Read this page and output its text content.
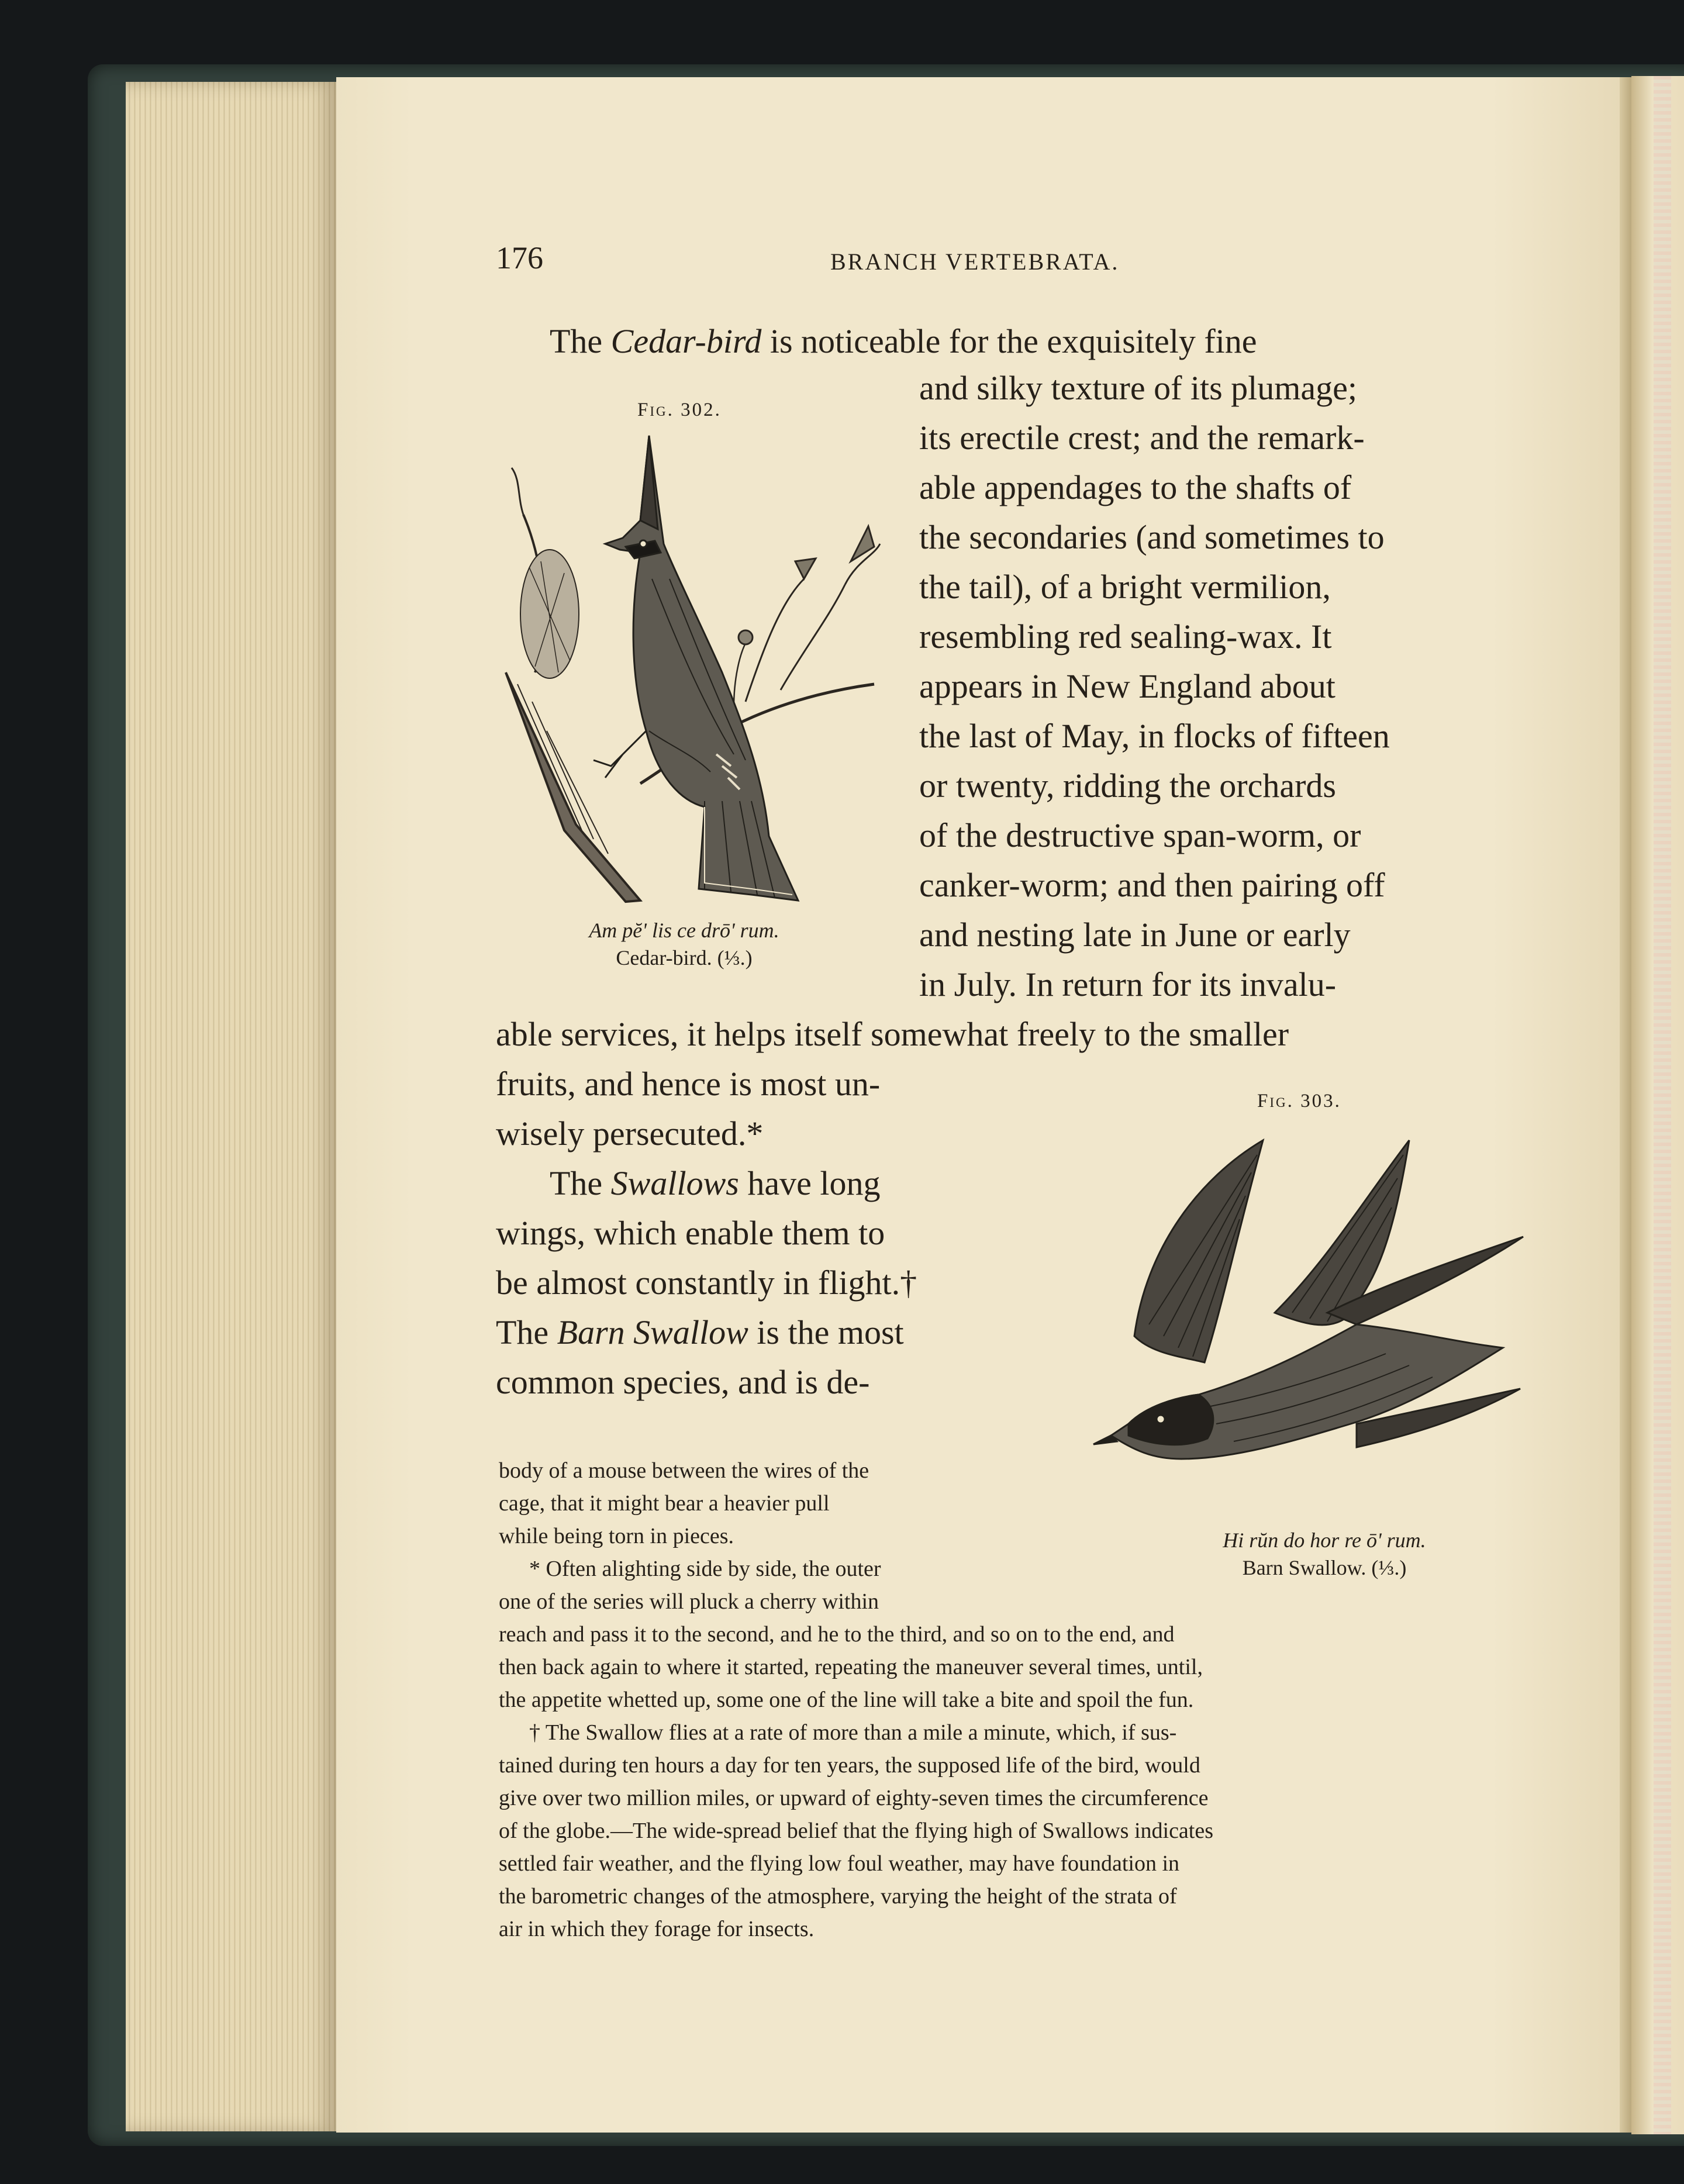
176	BRANCH VERTEBRATA.
The Cedar-bird is noticeable for the exquisitely fine
and silky texture of its plumage;
its erectile crest; and the remark-
able appendages to the shafts of
the secondaries (and sometimes to
the tail), of a bright vermilion,
resembling red sealing-wax. It
appears in New England about
the last of May, in flocks of fifteen
or twenty, ridding the orchards
of the destructive span-worm, or
canker-worm; and then pairing off
and nesting late in June or early
in July. In return for its invalu-
able services, it helps itself somewhat freely to the smaller
fruits, and hence is most un-
wisely persecuted.*
The Swallows have long
wings, which enable them to
be almost constantly in flight.†
The Barn Swallow is the most
common species, and is de-
body of a mouse between the wires of the
cage, that it might bear a heavier pull
while being torn in pieces.
* Often alighting side by side, the outer
one of the series will pluck a cherry within
reach and pass it to the second, and he to the third, and so on to the end, and
then back again to where it started, repeating the maneuver several times, until,
the appetite whetted up, some one of the line will take a bite and spoil the fun.
† The Swallow flies at a rate of more than a mile a minute, which, if sus-
tained during ten hours a day for ten years, the supposed life of the bird, would
give over two million miles, or upward of eighty-seven times the circumference
of the globe.—The wide-spread belief that the flying high of Swallows indicates
settled fair weather, and the flying low foul weather, may have foundation in
the barometric changes of the atmosphere, varying the height of the strata of
air in which they forage for insects.
Fig. 302.
Am pĕ' lis ce drō' rum.
Cedar-bird. (⅓.)
Fig. 303.
Hi rŭn do hor re ō' rum.
Barn Swallow. (⅓.)
